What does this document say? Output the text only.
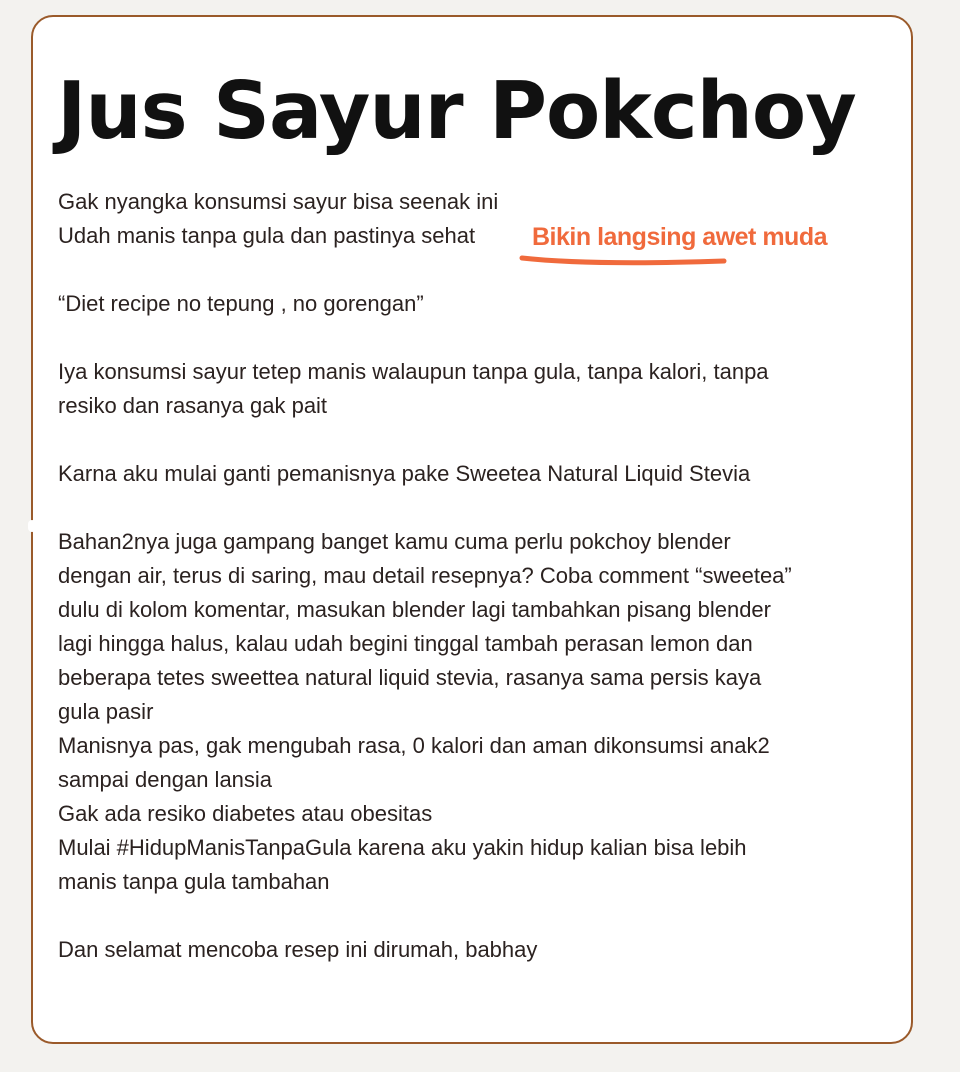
Jus Sayur Pokchoy
Gak nyangka konsumsi sayur bisa seenak ini
Udah manis tanpa gula dan pastinya sehat
“Diet recipe no tepung , no gorengan”
Iya konsumsi sayur tetep manis walaupun tanpa gula, tanpa kalori, tanpa
resiko dan rasanya gak pait
Karna aku mulai ganti pemanisnya pake Sweetea Natural Liquid Stevia
Bahan2nya juga gampang banget kamu cuma perlu pokchoy blender
dengan air, terus di saring, mau detail resepnya? Coba comment “sweetea”
dulu di kolom komentar, masukan blender lagi tambahkan pisang blender
lagi hingga halus, kalau udah begini tinggal tambah perasan lemon dan
beberapa tetes sweettea natural liquid stevia, rasanya sama persis kaya
gula pasir
Manisnya pas, gak mengubah rasa, 0 kalori dan aman dikonsumsi anak2
sampai dengan lansia
Gak ada resiko diabetes atau obesitas
Mulai #HidupManisTanpaGula karena aku yakin hidup kalian bisa lebih
manis tanpa gula tambahan
Dan selamat mencoba resep ini dirumah, babhay
Bikin langsing awet muda
